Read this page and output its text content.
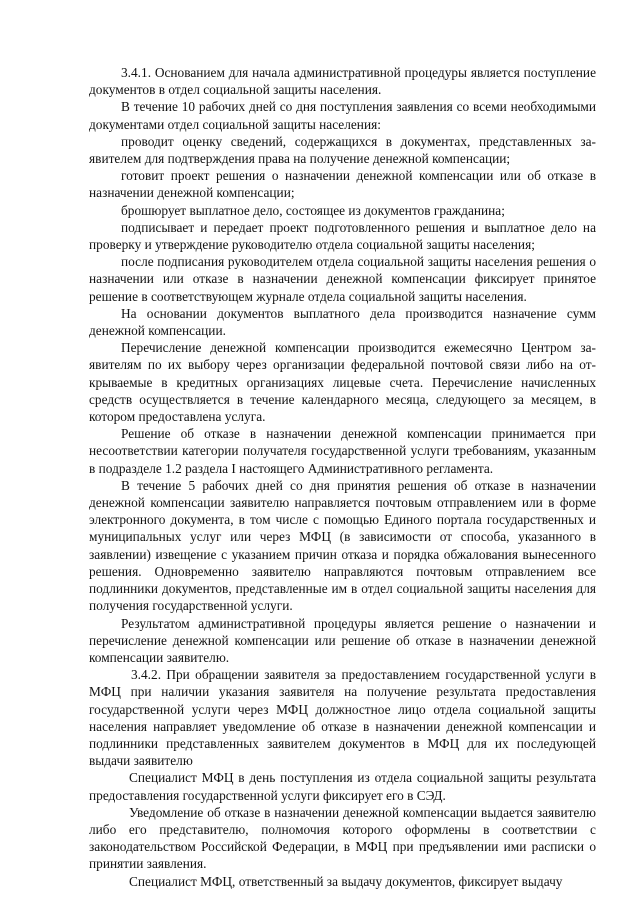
3.4.1. Основанием для начала административной процедуры является поступление документов в отдел социальной защиты населения.

В течение 10 рабочих дней со дня поступления заявления со всеми необходимыми документами отдел социальной защиты населения:

проводит оценку сведений, содержащихся в документах, представленных заявителем для подтверждения права на получение денежной компенсации;

готовит проект решения о назначении денежной компенсации или об отказе в назначении денежной компенсации;

брошюрует выплатное дело, состоящее из документов гражданина;

подписывает и передает проект подготовленного решения и выплатное дело на проверку и утверждение руководителю отдела социальной защиты населения;

после подписания руководителем отдела социальной защиты населения решения о назначении или отказе в назначении денежной компенсации фиксирует принятое решение в соответствующем журнале отдела социальной защиты населения.

На основании документов выплатного дела производится назначение сумм денежной компенсации.

Перечисление денежной компенсации производится ежемесячно Центром заявителям по их выбору через организации федеральной почтовой связи либо на открываемые в кредитных организациях лицевые счета. Перечисление начисленных средств осуществляется в течение календарного месяца, следующего за месяцем, в котором предоставлена услуга.

Решение об отказе в назначении денежной компенсации принимается при несоответствии категории получателя государственной услуги требованиям, указанным в подразделе 1.2 раздела I настоящего Административного регламента.

В течение 5 рабочих дней со дня принятия решения об отказе в назначении денежной компенсации заявителю направляется почтовым отправлением или в форме электронного документа, в том числе с помощью Единого портала государственных и муниципальных услуг или через МФЦ (в зависимости от способа, указанного в заявлении) извещение с указанием причин отказа и порядка обжалования вынесенного решения. Одновременно заявителю направляются почтовым отправлением все подлинники документов, представленные им в отдел социальной защиты населения для получения государственной услуги.

Результатом административной процедуры является решение о назначении и перечисление денежной компенсации или решение об отказе в назначении денежной компенсации заявителю.

3.4.2. При обращении заявителя за предоставлением государственной услуги в МФЦ при наличии указания заявителя на получение результата предоставления государственной услуги через МФЦ должностное лицо отдела социальной защиты населения направляет уведомление об отказе в назначении денежной компенсации и подлинники представленных заявителем документов в МФЦ для их последующей выдачи заявителю

Специалист МФЦ в день поступления из отдела социальной защиты результата предоставления государственной услуги фиксирует его в СЭД.

Уведомление об отказе в назначении денежной компенсации выдается заявителю либо его представителю, полномочия которого оформлены в соответствии с законодательством Российской Федерации, в МФЦ при предъявлении ими расписки о принятии заявления.

Специалист МФЦ, ответственный за выдачу документов, фиксирует выдачу
